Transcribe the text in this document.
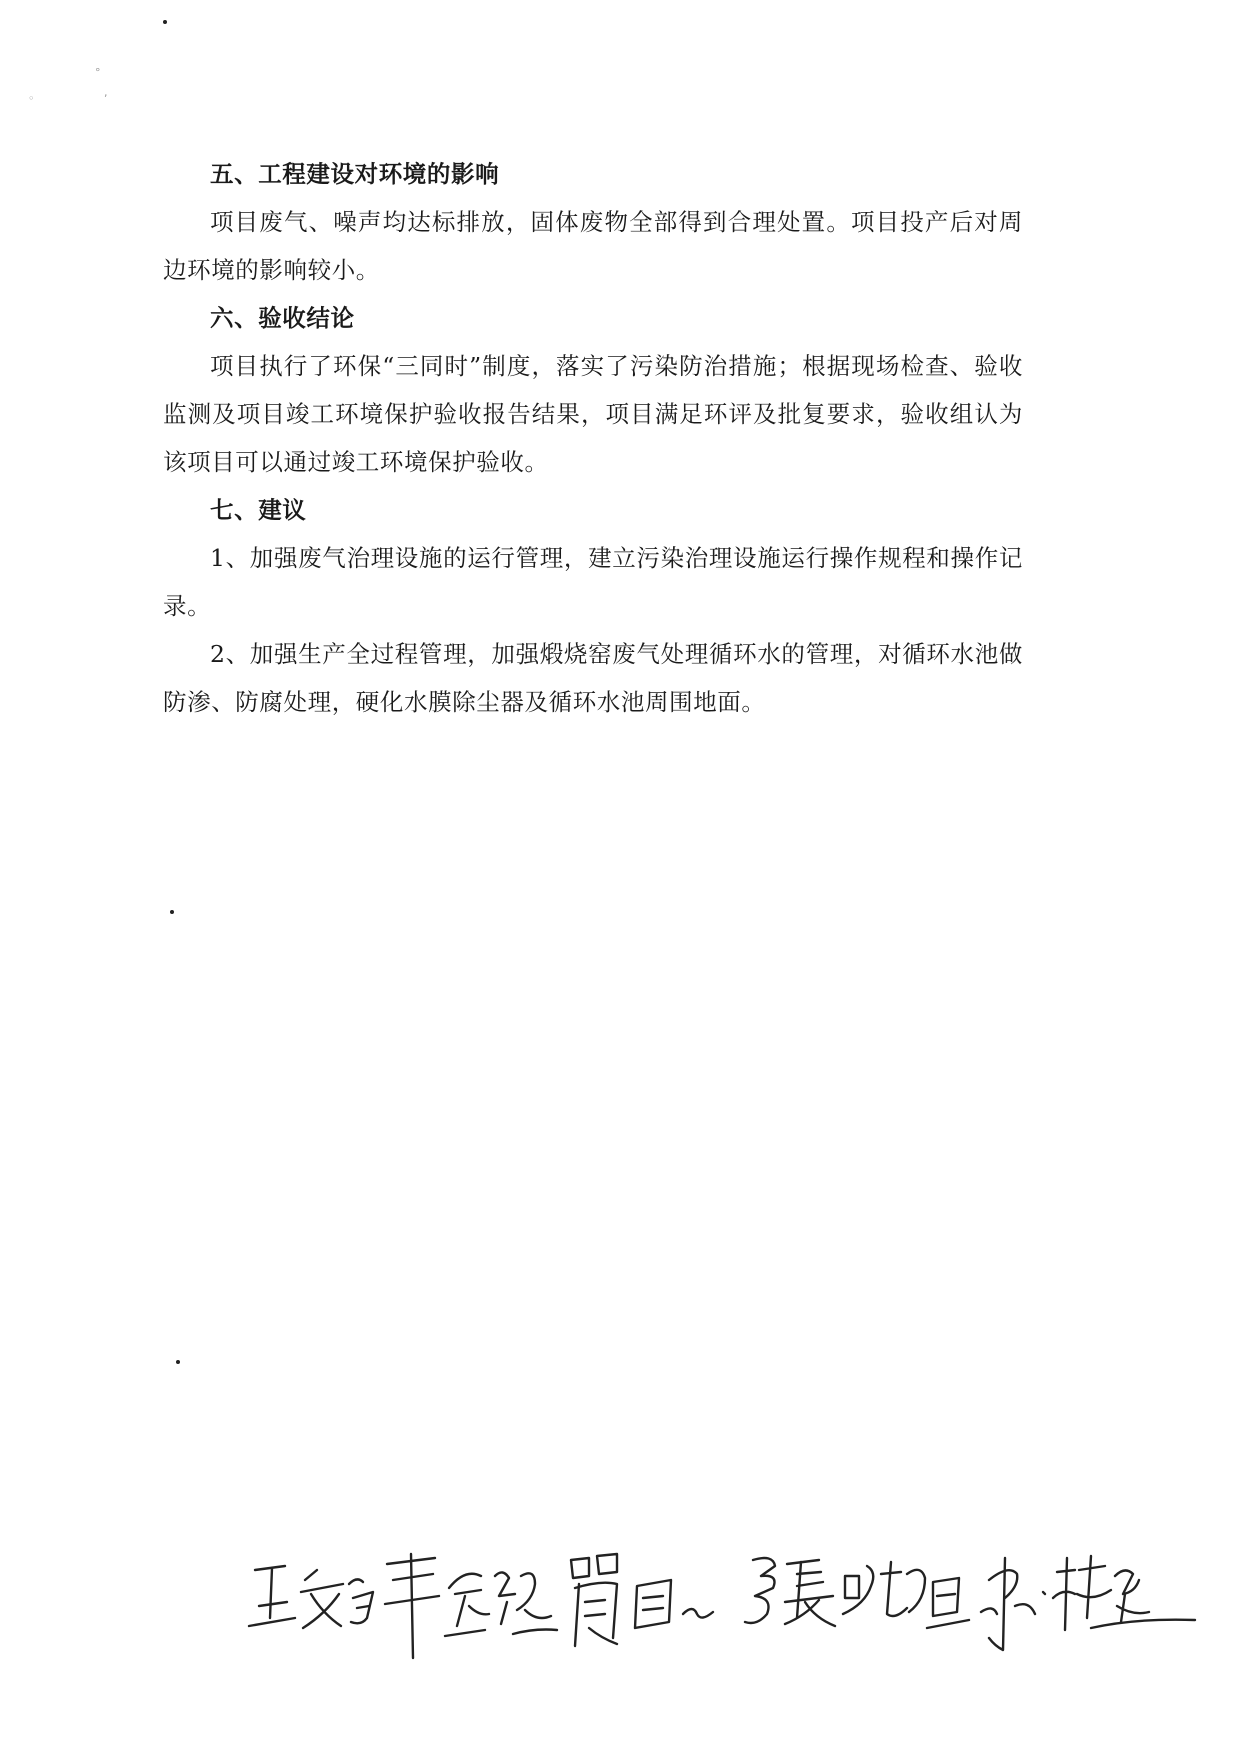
°
,
◦

五、工程建设对环境的影响

项目废气、噪声均达标排放，固体废物全部得到合理处置。项目投产后对周边环境的影响较小。

六、验收结论

项目执行了环保“三同时”制度，落实了污染防治措施；根据现场检查、验收监测及项目竣工环境保护验收报告结果，项目满足环评及批复要求，验收组认为该项目可以通过竣工环境保护验收。

七、建议

1、加强废气治理设施的运行管理，建立污染治理设施运行操作规程和操作记录。

2、加强生产全过程管理，加强煅烧窑废气处理循环水的管理，对循环水池做防渗、防腐处理，硬化水膜除尘器及循环水池周围地面。
